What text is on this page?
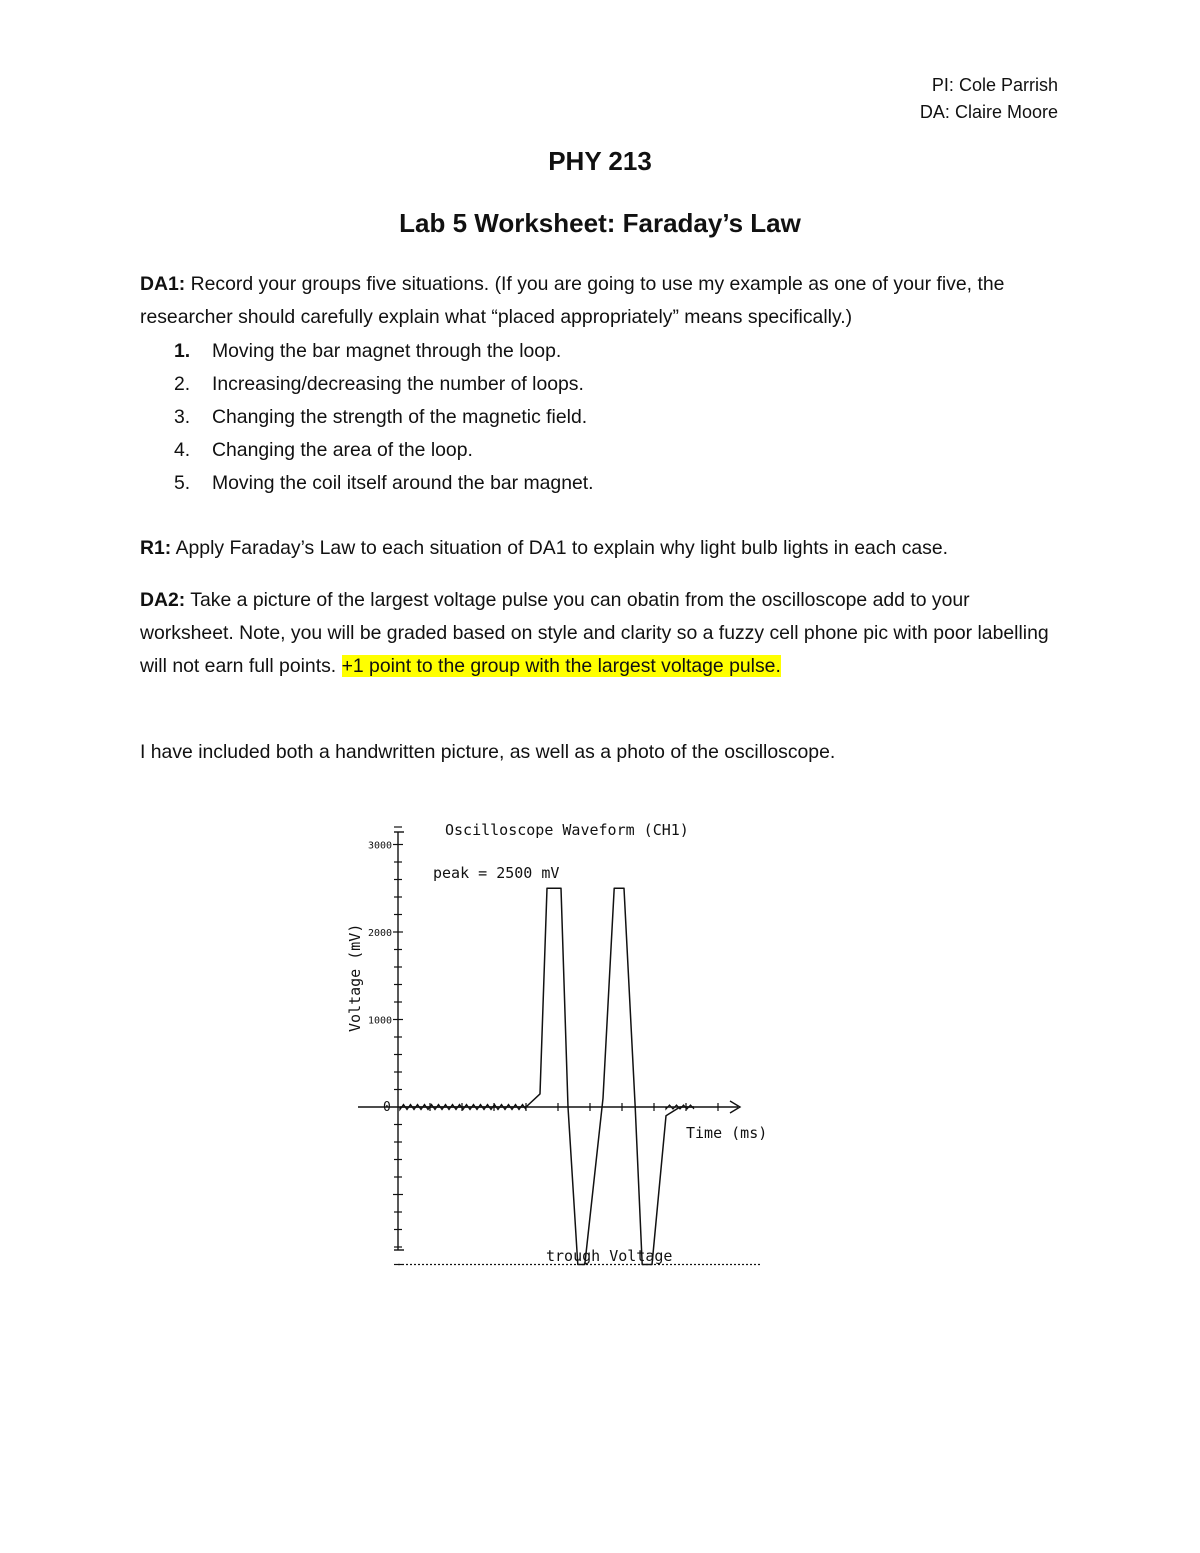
PI: Cole Parrish
DA: Claire Moore
PHY 213
Lab 5 Worksheet: Faraday’s Law
DA1: Record your groups five situations. (If you are going to use my example as one of your five, the researcher should carefully explain what “placed appropriately” means specifically.)
1.	Moving the bar magnet through the loop.
2.	Increasing/decreasing the number of loops.
3.	Changing the strength of the magnetic field.
4.	Changing the area of the loop.
5.	Moving the coil itself around the bar magnet.
R1: Apply Faraday’s Law to each situation of DA1 to explain why light bulb lights in each case.
DA2: Take a picture of the largest voltage pulse you can obatin from the oscilloscope add to your worksheet. Note, you will be graded based on style and clarity so a fuzzy cell phone pic with poor labelling will not earn full points. +1 point to the group with the largest voltage pulse.
I have included both a handwritten picture, as well as a photo of the oscilloscope.
3000
2000
1000
0
Oscilloscope Waveform (CH1)
peak = 2500 mV
Voltage (mV)
Time (ms)
trough Voltage
